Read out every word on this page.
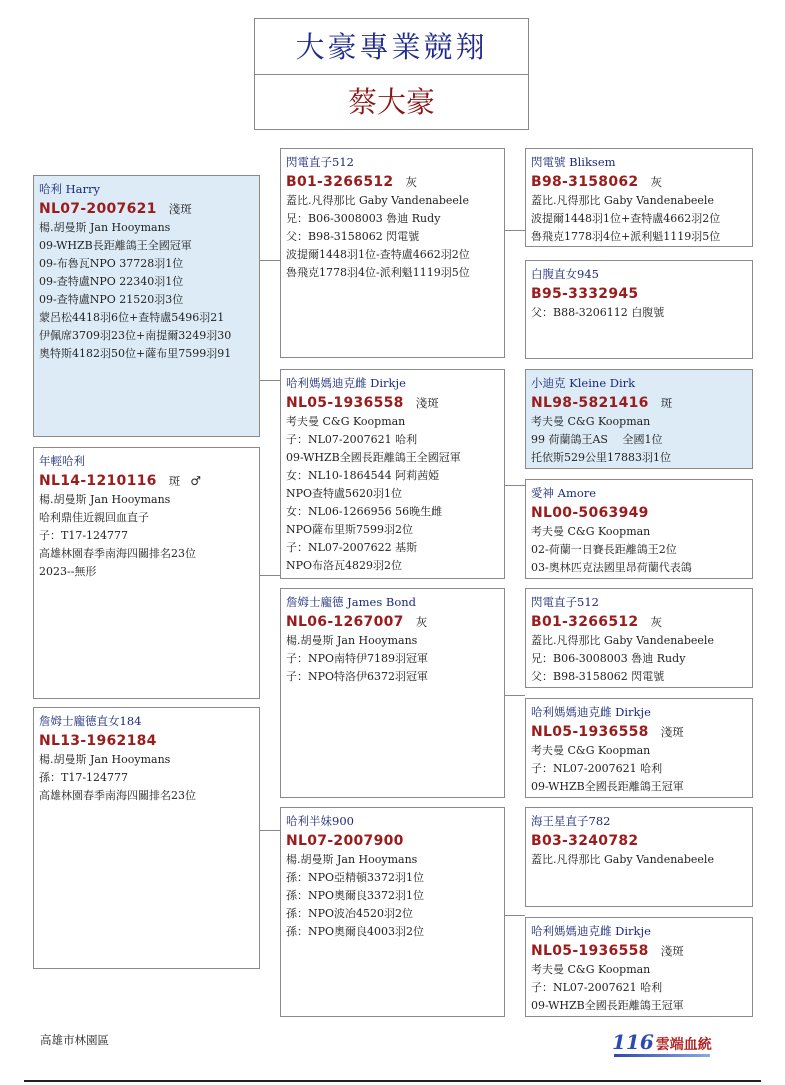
大豪專業競翔
蔡大豪
哈利 Harry
NL07-2007621 淺斑
楊.胡曼斯 Jan Hooymans
09-WHZB長距離鴿王全國冠軍
09-布魯瓦NPO 37728羽1位
09-查特盧NPO 22340羽1位
09-查特盧NPO 21520羽3位
蒙呂松4418羽6位+查特盧5496羽21
伊佩席3709羽23位+南提爾3249羽30
奧特斯4182羽50位+薩布里7599羽91
年輕哈利
NL14-1210116 斑 ♂
楊.胡曼斯 Jan Hooymans
哈利鼎佳近親回血直子
子：T17-124777
高雄林園春季南海四關排名23位
2023--無形
詹姆士龐德直女184
NL13-1962184
楊.胡曼斯 Jan Hooymans
孫：T17-124777
高雄林園春季南海四關排名23位
閃電直子512
B01-3266512 灰
蓋比.凡得那比 Gaby Vandenabeele
兄：B06-3008003 魯迪 Rudy
父：B98-3158062 閃電號
波提爾1448羽1位-查特盧4662羽2位
魯飛克1778羽4位-派利魁1119羽5位
哈利媽媽迪克雌 Dirkje
NL05-1936558 淺斑
考夫曼 C&G Koopman
子：NL07-2007621 哈利
09-WHZB全國長距離鴿王全國冠軍
女：NL10-1864544 阿莉茜婭
NPO查特盧5620羽1位
女：NL06-1266956 56晚生雌
NPO薩布里斯7599羽2位
子：NL07-2007622 基斯
NPO布洛瓦4829羽2位
詹姆士龐德 James Bond
NL06-1267007 灰
楊.胡曼斯 Jan Hooymans
子：NPO南特伊7189羽冠軍
子：NPO特洛伊6372羽冠軍
哈利半妹900
NL07-2007900
楊.胡曼斯 Jan Hooymans
孫：NPO亞精頓3372羽1位
孫：NPO奧爾良3372羽1位
孫：NPO波冶4520羽2位
孫：NPO奧爾良4003羽2位
閃電號 Bliksem
B98-3158062 灰
蓋比.凡得那比 Gaby Vandenabeele
波提爾1448羽1位+查特盧4662羽2位
魯飛克1778羽4位+派利魁1119羽5位
白腹直女945
B95-3332945
父：B88-3206112 白腹號
小迪克 Kleine Dirk
NL98-5821416 斑
考夫曼 C&G Koopman
99 荷蘭鴿王AS　 全國1位
托依斯529公里17883羽1位
愛神 Amore
NL00-5063949
考夫曼 C&G Koopman
02-荷蘭一日賽長距離鴿王2位
03-奧林匹克法國里昂荷蘭代表鴿
閃電直子512
B01-3266512 灰
蓋比.凡得那比 Gaby Vandenabeele
兄：B06-3008003 魯迪 Rudy
父：B98-3158062 閃電號
哈利媽媽迪克雌 Dirkje
NL05-1936558 淺斑
考夫曼 C&G Koopman
子：NL07-2007621 哈利
09-WHZB全國長距離鴿王冠軍
海王星直子782
B03-3240782
蓋比.凡得那比 Gaby Vandenabeele
哈利媽媽迪克雌 Dirkje
NL05-1936558 淺斑
考夫曼 C&G Koopman
子：NL07-2007621 哈利
09-WHZB全國長距離鴿王冠軍
高雄市林園區	116 雲端血統
